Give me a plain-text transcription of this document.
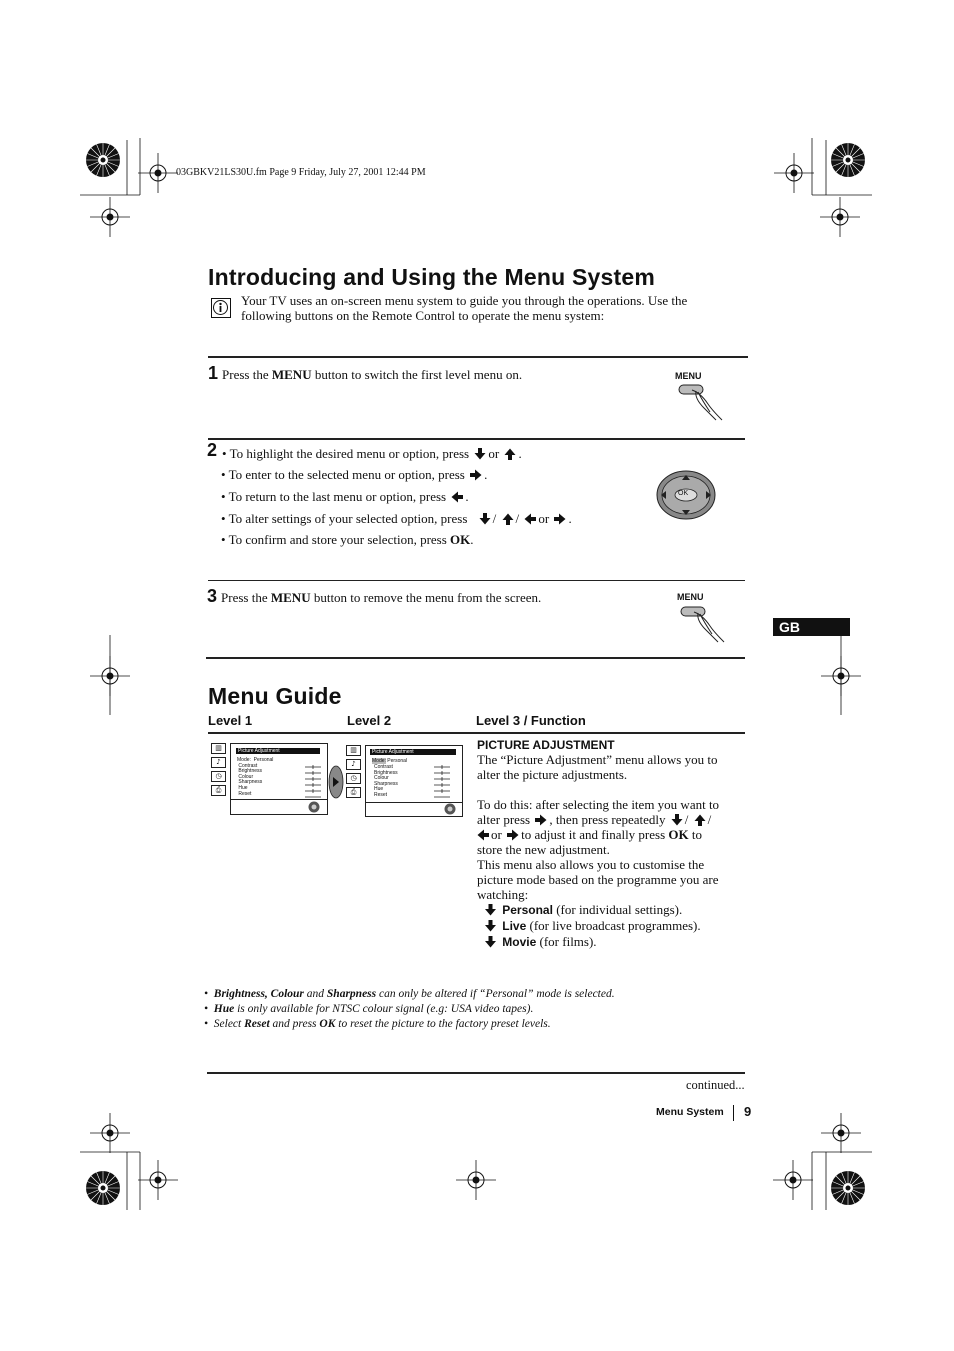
03GBKV21LS30U.fm Page 9 Friday, July 27, 2001 12:44 PM
Introducing and Using the Menu System
Your TV uses an on-screen menu system to guide you through the operations. Use the
following buttons on the Remote Control to operate the menu system:
1 Press the MENU button to switch the first level menu on.	MENU
2 • To highlight the desired menu or option, press or .
• To enter to the selected menu or option, press .
• To return to the last menu or option, press .
• To alter settings of your selected option, press / / or .
• To confirm and store your selection, press OK.
OK
3 Press the MENU button to remove the menu from the screen.	MENU
GB
Menu Guide
Level 1	Level 2	Level 3 / Function
▥
♪
◷
⎙
Picture Adjustment
Mode:  Personal
Contrast
Brightness
Colour
Sharpness
Hue
Reset
▥
♪
◷
⎙
Picture Adjustment
Mode: Personal
Contrast
Brightness
Colour
Sharpness
Hue
Reset
PICTURE ADJUSTMENT
The “Picture Adjustment” menu allows you to
alter the picture adjustments.
To do this: after selecting the item you want to
alter press , then press repeatedly / /
or to adjust it and finally press OK to
store the new adjustment.
This menu also allows you to customise the
picture mode based on the programme you are
watching:
Personal (for individual settings).
Live (for live broadcast programmes).
Movie (for films).
•  Brightness, Colour and Sharpness can only be altered if “Personal” mode is selected.
•  Hue is only available for NTSC colour signal (e.g: USA video tapes).
•  Select Reset and press OK to reset the picture to the factory preset levels.
continued...
Menu System 9
